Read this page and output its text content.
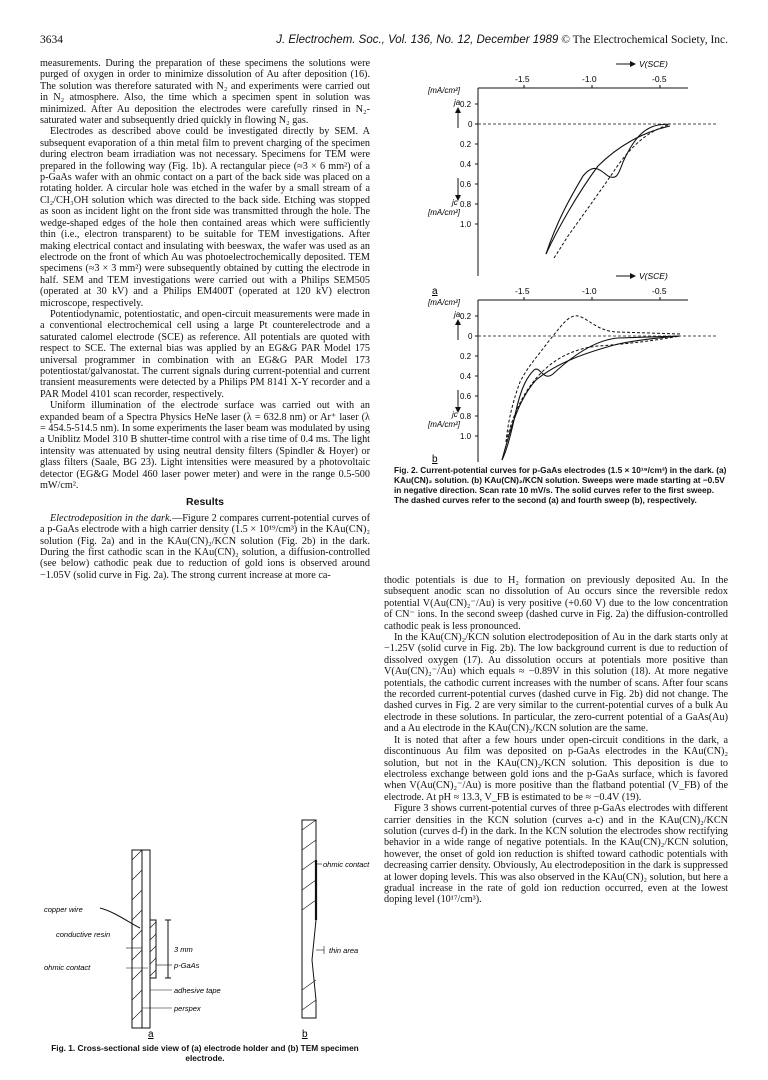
3634	J. Electrochem. Soc., Vol. 136, No. 12, December 1989 © The Electrochemical Society, Inc.

measurements. During the preparation of these specimens the solutions were purged of oxygen in order to minimize dissolution of Au after deposition (16). The solution was therefore saturated with N₂ and experiments were carried out in N₂ atmosphere. Also, the time which a specimen spent in solution was minimized. After Au deposition the electrodes were carefully rinsed in N₂-saturated water and subsequently dried quickly in flowing N₂ gas.

Electrodes as described above could be investigated directly by SEM. A subsequent evaporation of a thin metal film to prevent charging of the specimen during electron beam irradiation was not necessary. Specimens for TEM were prepared in the following way (Fig. 1b). A rectangular piece (≈3 × 6 mm²) of a p-GaAs wafer with an ohmic contact on a part of the back side was placed on a rotating holder. A circular hole was etched in the wafer by a small stream of a Cl₂/CH₃OH solution which was directed to the back side. Etching was stopped as soon as incident light on the front side was transmitted through the hole. The wedge-shaped edges of the hole then contained areas which were sufficiently thin (i.e., electron transparent) to be suitable for TEM investigations. After making electrical contact and insulating with beeswax, the wafer was used as an electrode on the front of which Au was photoelectrochemically deposited. TEM specimens (≈3 × 3 mm²) were subsequently obtained by cutting the electrode in half. SEM and TEM investigations were carried out with a Philips SEM505 (operated at 30 kV) and a Philips EM400T (operated at 120 kV) electron microscope, respectively.

Potentiodynamic, potentiostatic, and open-circuit measurements were made in a conventional electrochemical cell using a large Pt counterelectrode and a saturated calomel electrode (SCE) as reference. All potentials are quoted with respect to SCE. The external bias was applied by an EG&G PAR Model 175 universal programmer in combination with an EG&G PAR Model 173 potentiostat/galvanostat. The current signals during current-potential and current transient measurements were detected by a Philips PM 8141 X-Y recorder and a PAR Model 4101 scan recorder, respectively.

Uniform illumination of the electrode surface was carried out with an expanded beam of a Spectra Physics HeNe laser (λ = 632.8 nm) or Ar⁺ laser (λ = 454.5-514.5 nm). In some experiments the laser beam was modulated by using a Uniblitz Model 310 B shutter-time control with a rise time of 0.4 ms. The light intensity was attenuated by using neutral density filters (Spindler & Hoyer) or glass filters (Saale, BG 23). Light intensities were measured by a photovoltaic detector (EG&G Model 460 laser power meter) and were in the range 0.5-500 mW/cm².

Results

Electrodeposition in the dark.—Figure 2 compares current-potential curves of a p-GaAs electrode with a high carrier density (1.5 × 10¹⁹/cm³) in the KAu(CN)₂ solution (Fig. 2a) and in the KAu(CN)₂/KCN solution (Fig. 2b) in the dark. During the first cathodic scan in the KAu(CN)₂ solution, a diffusion-controlled (see below) cathodic peak due to reduction of gold ions is observed around −1.05V (solid curve in Fig. 2a). The strong current increase at more ca-

V(SCE)
-1.5	-1.0	-0.5
[mA/cm²]
ja 0.2
0
0.2
0.4
0.6
0.8
jc
[mA/cm²]
1.0
a
V(SCE)
-1.5	-1.0	-0.5
[mA/cm²]
ja 0.2
0
0.2
0.4
0.6
0.8
jc
[mA/cm²]
1.0
b
Fig. 2. Current-potential curves for p-GaAs electrodes (1.5 × 10¹⁹/cm³) in the dark. (a) KAu(CN)₂ solution. (b) KAu(CN)₂/KCN solution. Sweeps were made starting at −0.5V in negative direction. Scan rate 10 mV/s. The solid curves refer to the first sweep. The dashed curves refer to the second (a) and fourth sweep (b), respectively.

thodic potentials is due to H₂ formation on previously deposited Au. In the subsequent anodic scan no dissolution of Au occurs since the reversible redox potential V(Au(CN)₂⁻/Au) is very positive (+0.60 V) due to the low concentration of CN⁻ ions. In the second sweep (dashed curve in Fig. 2a) the diffusion-controlled cathodic peak is less pronounced.

In the KAu(CN)₂/KCN solution electrodeposition of Au in the dark starts only at −1.25V (solid curve in Fig. 2b). The low background current is due to reduction of dissolved oxygen (17). Au dissolution occurs at potentials more positive than V(Au(CN)₂⁻/Au) which equals ≈ −0.89V in this solution (18). At more negative potentials, the cathodic current increases with the number of scans. After four scans the recorded current-potential curves (dashed curve in Fig. 2b) did not change. The dashed curves in Fig. 2 are very similar to the current-potential curves of a bulk Au electrode in these solutions. In particular, the zero-current potential of a GaAs(Au) and a Au electrode in the KAu(CN)₂/KCN solution are the same.

It is noted that after a few hours under open-circuit conditions in the dark, a discontinuous Au film was deposited on p-GaAs electrodes in the KAu(CN)₂ solution, but not in the KAu(CN)₂/KCN solution. This deposition is due to electroless exchange between gold ions and the p-GaAs surface, which is favored when V(Au(CN)₂⁻/Au) is more positive than the flatband potential (V_FB) of the electrode. At pH ≈ 13.3, V_FB is estimated to be ≈ −0.4V (19).

Figure 3 shows current-potential curves of three p-GaAs electrodes with different carrier densities in the KCN solution (curves a-c) and in the KAu(CN)₂/KCN solution (curves d-f) in the dark. In the KCN solution the electrodes show rectifying behavior in a wide range of negative potentials. In the KAu(CN)₂/KCN solution, however, the onset of gold ion reduction is shifted toward cathodic potentials with decreasing carrier density. Obviously, Au electrodeposition in the dark is suppressed at lower doping levels. This was also observed in the KAu(CN)₂ solution, but here a gradual increase in the rate of gold ion reduction occurred, even at the lowest doping level (10¹⁷/cm³).

copper wire
conductive resin
ohmic contact
3 mm
p-GaAs
adhesive tape
perspex
a
ohmic contact
thin area
b
Fig. 1. Cross-sectional side view of (a) electrode holder and (b) TEM specimen electrode.
